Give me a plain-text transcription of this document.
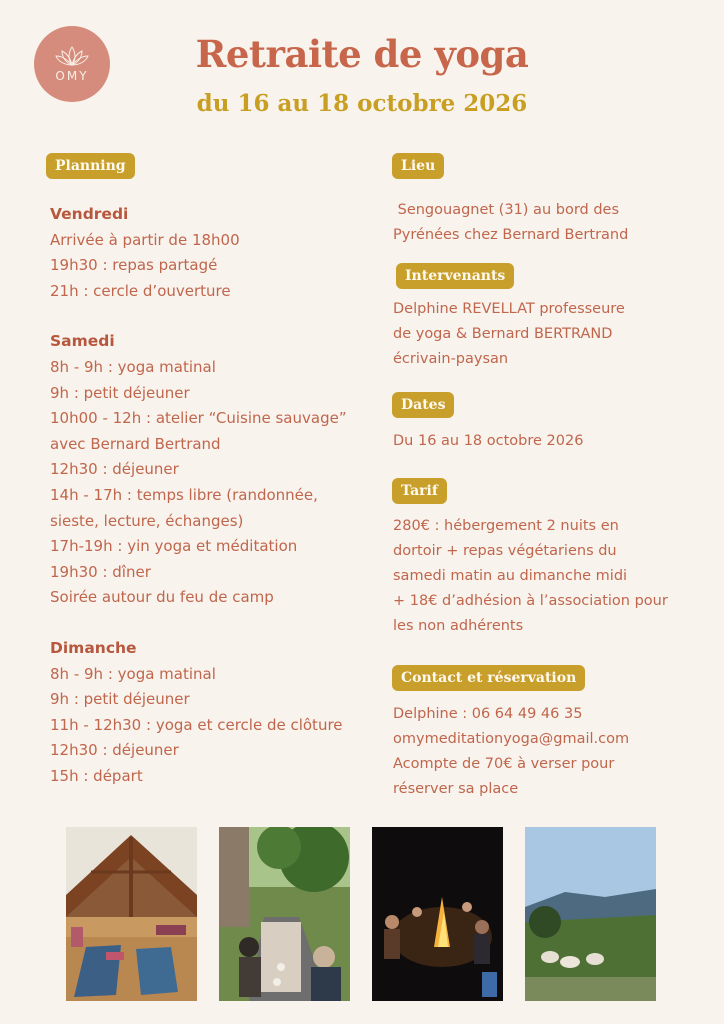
OMY	Retraite de yoga
du 16 au 18 octobre 2026
Planning
Vendredi
Arrivée à partir de 18h00
19h30 : repas partagé
21h : cercle d’ouverture
Samedi
8h - 9h : yoga matinal
9h : petit déjeuner
10h00 - 12h : atelier “Cuisine sauvage”
avec Bernard Bertrand
12h30 : déjeuner
14h - 17h : temps libre (randonnée,
sieste, lecture, échanges)
17h-19h : yin yoga et méditation
19h30 : dîner
Soirée autour du feu de camp
Dimanche
8h - 9h : yoga matinal
9h : petit déjeuner
11h - 12h30 : yoga et cercle de clôture
12h30 : déjeuner
15h : départ
Lieu
Sengouagnet (31) au bord des
Pyrénées chez Bernard Bertrand
Intervenants
Delphine REVELLAT professeure
de yoga & Bernard BERTRAND
écrivain-paysan
Dates
Du 16 au 18 octobre 2026
Tarif
280€ : hébergement 2 nuits en
dortoir + repas végétariens du
samedi matin au dimanche midi
+ 18€ d’adhésion à l’association pour
les non adhérents
Contact et réservation
Delphine : 06 64 49 46 35
omymeditationyoga@gmail.com
Acompte de 70€ à verser pour
réserver sa place
